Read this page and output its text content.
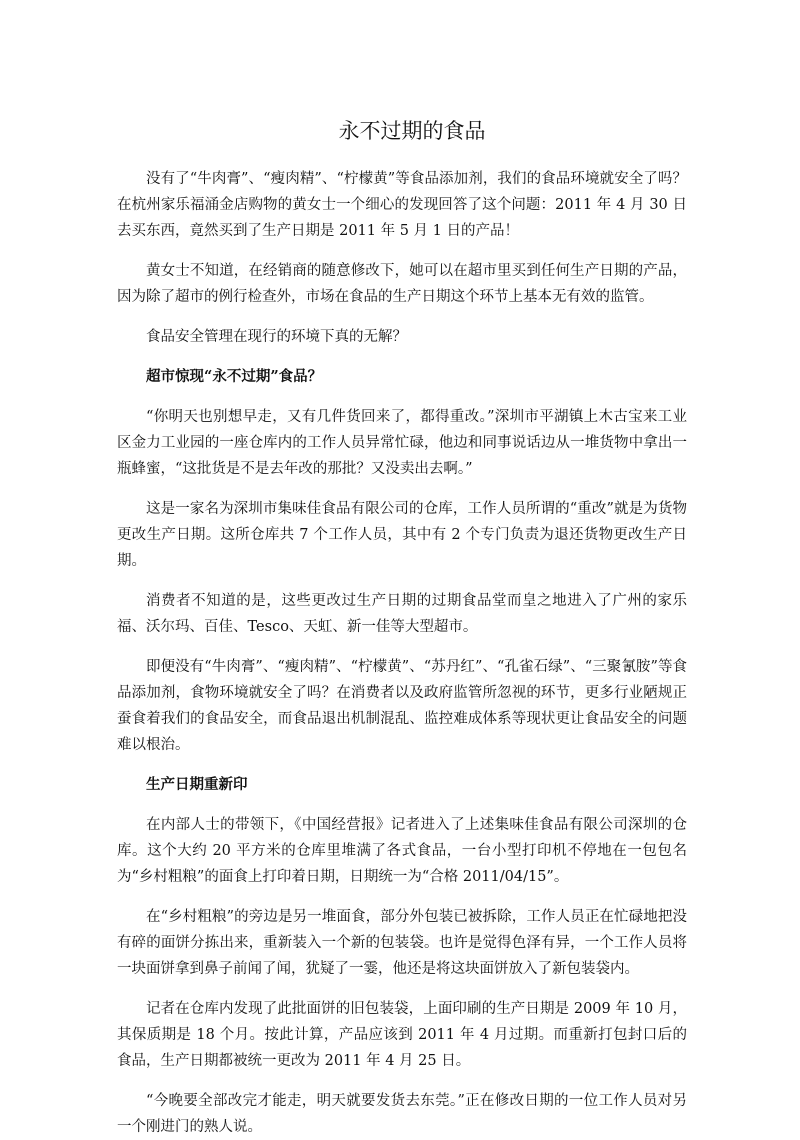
永不过期的食品

没有了“牛肉膏”、“瘦肉精”、“柠檬黄”等食品添加剂，我们的食品环境就安全了吗？在杭州家乐福涌金店购物的黄女士一个细心的发现回答了这个问题：2011 年 4 月 30 日去买东西，竟然买到了生产日期是 2011 年 5 月 1 日的产品！

黄女士不知道，在经销商的随意修改下，她可以在超市里买到任何生产日期的产品，因为除了超市的例行检查外，市场在食品的生产日期这个环节上基本无有效的监管。

食品安全管理在现行的环境下真的无解？

超市惊现“永不过期”食品？

“你明天也别想早走，又有几件货回来了，都得重改。”深圳市平湖镇上木古宝来工业区金力工业园的一座仓库内的工作人员异常忙碌，他边和同事说话边从一堆货物中拿出一瓶蜂蜜，“这批货是不是去年改的那批？又没卖出去啊。”

这是一家名为深圳市集味佳食品有限公司的仓库，工作人员所谓的“重改”就是为货物更改生产日期。这所仓库共 7 个工作人员，其中有 2 个专门负责为退还货物更改生产日期。

消费者不知道的是，这些更改过生产日期的过期食品堂而皇之地进入了广州的家乐福、沃尔玛、百佳、Tesco、天虹、新一佳等大型超市。

即便没有“牛肉膏”、“瘦肉精”、“柠檬黄”、“苏丹红”、“孔雀石绿”、“三聚氰胺”等食品添加剂，食物环境就安全了吗？在消费者以及政府监管所忽视的环节，更多行业陋规正蚕食着我们的食品安全，而食品退出机制混乱、监控难成体系等现状更让食品安全的问题难以根治。

生产日期重新印

在内部人士的带领下，《中国经营报》记者进入了上述集味佳食品有限公司深圳的仓库。这个大约 20 平方米的仓库里堆满了各式食品，一台小型打印机不停地在一包包名为“乡村粗粮”的面食上打印着日期，日期统一为“合格 2011/04/15”。

在“乡村粗粮”的旁边是另一堆面食，部分外包装已被拆除，工作人员正在忙碌地把没有碎的面饼分拣出来，重新装入一个新的包装袋。也许是觉得色泽有异，一个工作人员将一块面饼拿到鼻子前闻了闻，犹疑了一霎，他还是将这块面饼放入了新包装袋内。

记者在仓库内发现了此批面饼的旧包装袋，上面印刷的生产日期是 2009 年 10 月，其保质期是 18 个月。按此计算，产品应该到 2011 年 4 月过期。而重新打包封口后的食品，生产日期都被统一更改为 2011 年 4 月 25 日。

“今晚要全部改完才能走，明天就要发货去东莞。”正在修改日期的一位工作人员对另一个刚进门的熟人说。
